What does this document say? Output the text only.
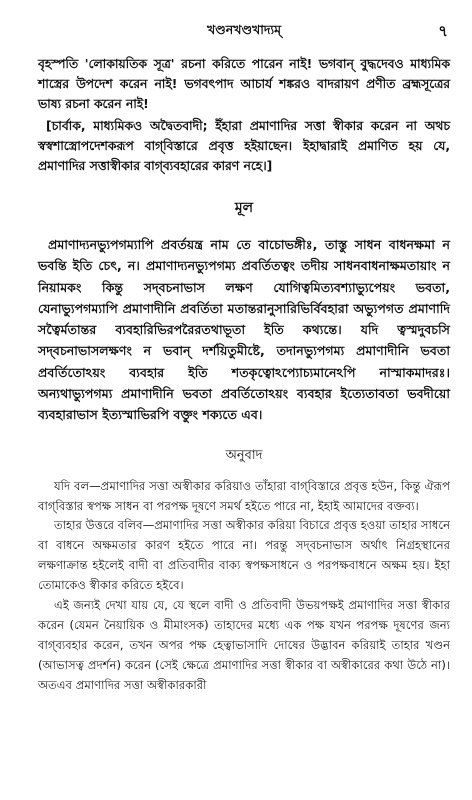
খণ্ডনখণ্ডখাদ্যম্	৭

বৃহস্পতি 'লোকায়তিক সূত্র' রচনা করিতে পারেন নাই! ভগবান্ বুদ্ধদেবও মাধ্যমিক শাস্ত্রের উপদেশ করেন নাই! ভগবৎপাদ আচার্য শঙ্করও বাদরায়ণ প্রণীত ব্রহ্মসূত্রের ভাষ্য রচনা করেন নাই!

[চার্বাক, মাধ্যমিকও অদ্বৈতবাদী; ইঁহারা প্রমাণাদির সত্তা স্বীকার করেন না অথচ স্বস্বশাস্ত্রোপদেশকরূপ বাগ্‌বিস্তারে প্রবৃত্ত হইয়াছেন। ইহাদ্বারাই প্রমাণিত হয় যে, প্রমাণাদির সত্তাস্বীকার বাগ্‌ব্যবহারের কারণ নহে।]

মূল

প্রমাণাদ্যনভ্যুপগম্যাপি প্রবর্তয়ন্ত্র নাম তে বাচোভঙ্গীঃ, তাস্তু সাধন বাধনক্ষমা ন ভবন্তি ইতি চেৎ, ন। প্রমাণাদ্যনভ্যুপগম্য প্রবর্তিতত্বং তদীয় সাধনবাধনাক্ষমতায়াং ন নিয়ামকং কিন্তু সদ্‌বচনাভাস লক্ষণ যোগিত্বমিত্যবশ্যাভ্যুপেয়ং ভবতা, যেনাভ্যুপগম্যাপি প্রমাণাদীনি প্রবর্তিতা মতান্তরানুসারিভির্বিবহারা অভ্যুপগত প্রমাণাদি সত্বৈর্মতান্তর ব্যবহারিভিরপরৈরতথাভূতা ইতি কথ্যন্তে। যদি ত্বস্মদুবচসি সদ্‌বচনাভাসলক্ষণং ন ভবান্ দর্শয়িতুমীষ্টে, তদানভ্যুপগম্য প্রমাণাদীনি ভবতা প্রবর্তিতোঽয়ং ব্যবহার ইতি শতকৃত্বোঽপ্যোচ্যমানেঽপি নাস্মাকমাদরঃ। অন্যথাভ্যুপগম্য প্রমাণাদীনি ভবতা প্রবর্তিতোঽয়ং ব্যবহার ইত্যেতাবতা ভবদীয়ো ব্যবহারাভাস ইত্যস্মাভিরপি বক্তুং শক্যতে এব।

অনুবাদ

যদি বল—প্রমাণাদির সত্তা অস্বীকার করিয়াও তাঁহারা বাগ্‌বিস্তারে প্রবৃত্ত হউন, কিন্তু ঐরূপ বাগ্‌বিস্তার স্বপক্ষ সাধন বা পরপক্ষ দূষণে সমর্থ হইতে পারে না, ইহাই আমাদের বক্তব্য।

তাহার উত্তরে বলিব—প্রমাণাদির সত্তা অস্বীকার করিয়া বিচারে প্রবৃত্ত হওয়া তাহার সাধনে বা বাধনে অক্ষমতার কারণ হইতে পারে না। পরন্তু সদ্‌বচনাভাস অর্থাৎ নিগ্রহস্থানের লক্ষণাক্রান্ত হইলেই বাদী বা প্রতিবাদীর বাক্য স্বপক্ষসাধনে ও পরপক্ষবাধনে অক্ষম হয়। ইহা তোমাকেও স্বীকার করিতে হইবে।

এই জন্যই দেখা যায় যে, যে স্থলে বাদী ও প্রতিবাদী উভয়পক্ষই প্রমাণাদির সত্তা স্বীকার করেন (যেমন নৈয়ায়িক ও মীমাংসক) তাহাদের মধ্যে এক পক্ষ যখন পরপক্ষ দূষণের জন্য বাগ্‌ব্যবহার করেন, তখন অপর পক্ষ হেত্বাভাসাদি দোষের উদ্ভাবন করিয়াই তাহার খণ্ডন (আভাসত্ব প্রদর্শন) করেন (সেই ক্ষেত্রে প্রমাণাদির সত্তা স্বীকার বা অস্বীকারের কথা উঠে না)। অতএব প্রমাণাদির সত্তা অস্বীকারকারী
